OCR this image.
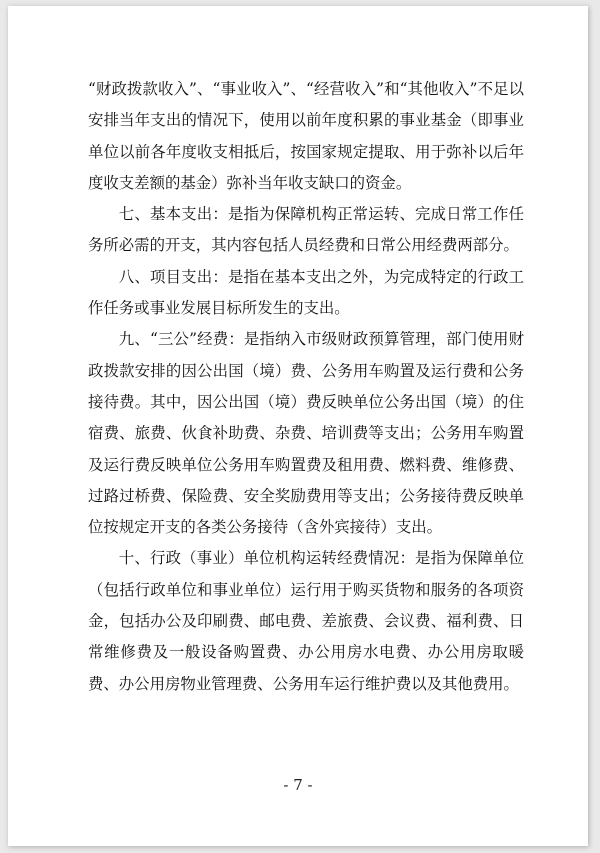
“财政拨款收入”、“事业收入”、“经营收入”和“其他收入”不足以安排当年支出的情况下，使用以前年度积累的事业基金（即事业单位以前各年度收支相抵后，按国家规定提取、用于弥补以后年度收支差额的基金）弥补当年收支缺口的资金。

七、基本支出：是指为保障机构正常运转、完成日常工作任务所必需的开支，其内容包括人员经费和日常公用经费两部分。

八、项目支出：是指在基本支出之外，为完成特定的行政工作任务或事业发展目标所发生的支出。

九、“三公”经费：是指纳入市级财政预算管理，部门使用财政拨款安排的因公出国（境）费、公务用车购置及运行费和公务接待费。其中，因公出国（境）费反映单位公务出国（境）的住宿费、旅费、伙食补助费、杂费、培训费等支出；公务用车购置及运行费反映单位公务用车购置费及租用费、燃料费、维修费、过路过桥费、保险费、安全奖励费用等支出；公务接待费反映单位按规定开支的各类公务接待（含外宾接待）支出。

十、行政（事业）单位机构运转经费情况：是指为保障单位（包括行政单位和事业单位）运行用于购买货物和服务的各项资金，包括办公及印刷费、邮电费、差旅费、会议费、福利费、日常维修费及一般设备购置费、办公用房水电费、办公用房取暖费、办公用房物业管理费、公务用车运行维护费以及其他费用。

- 7 -
